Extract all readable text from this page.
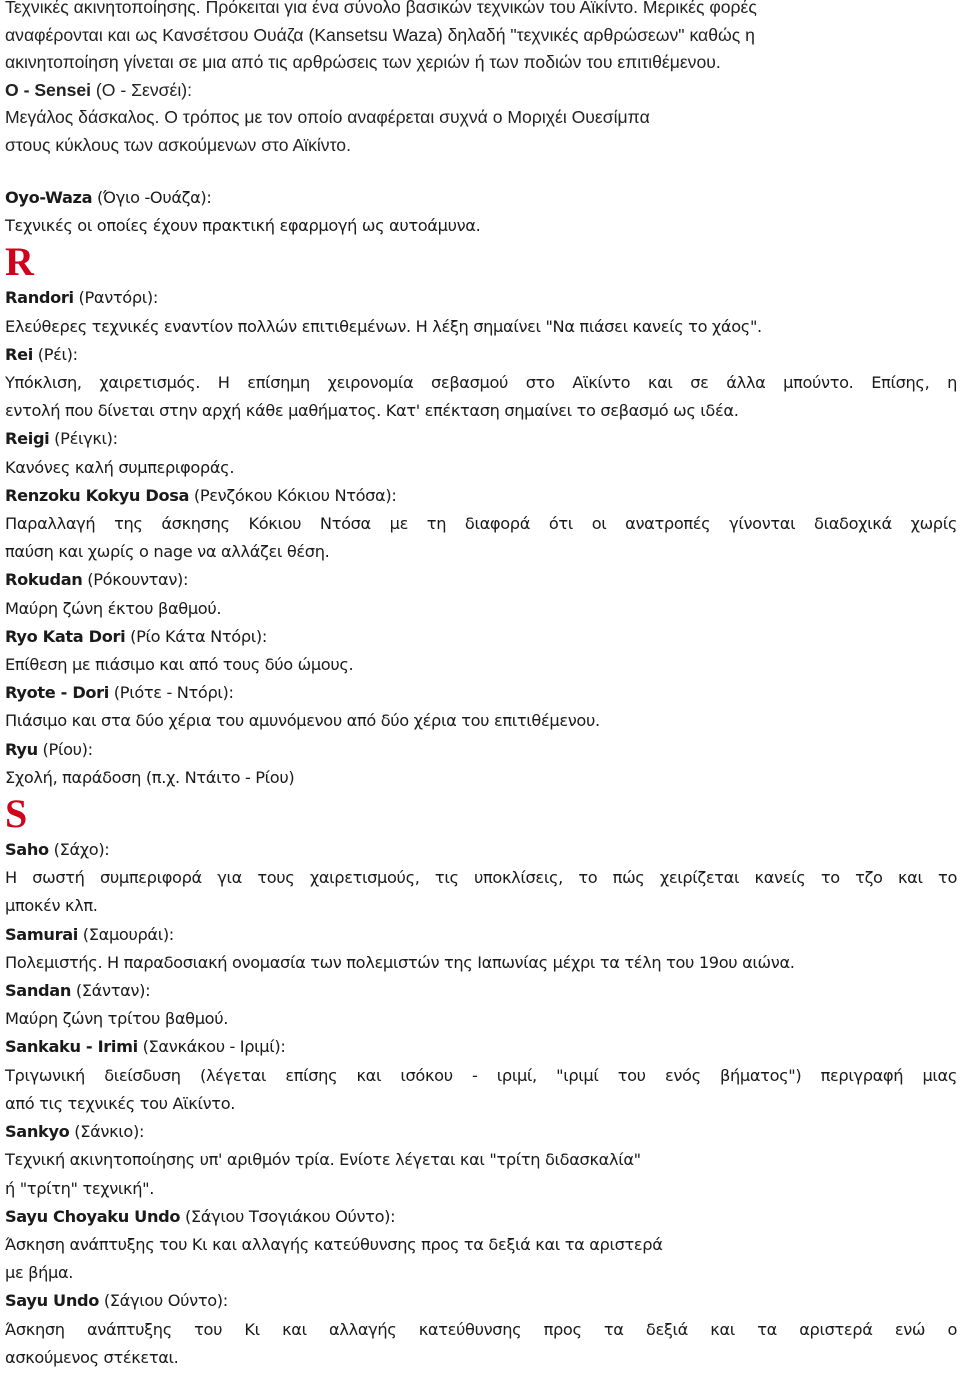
Τεχνικές ακινητοποίησης. Πρόκειται για ένα σύνολο βασικών τεχνικών του Αϊκίντο. Μερικές φορές
αναφέρονται και ως Κανσέτσου Ουάζα (Kansetsu Waza) δηλαδή "τεχνικές αρθρώσεων" καθώς η
ακινητοποίηση γίνεται σε μια από τις αρθρώσεις των χεριών ή των ποδιών του επιτιθέμενου.
O - Sensei (Ο - Σενσέι):
Μεγάλος δάσκαλος. Ο τρόπος με τον οποίο αναφέρεται συχνά ο Μοριχέι Ουεσίμπα
στους κύκλους των ασκούμενων στο Αϊκίντο.
Oyo-Waza (Όγιο -Ουάζα):
Τεχνικές οι οποίες έχουν πρακτική εφαρμογή ως αυτοάμυνα.
R
Randori (Ραντόρι):
Ελεύθερες τεχνικές εναντίον πολλών επιτιθεμένων. Η λέξη σημαίνει "Να πιάσει κανείς το χάος".
Rei (Ρέι):
Υπόκλιση, χαιρετισμός. Η επίσημη χειρονομία σεβασμού στο Αϊκίντο και σε άλλα μπούντο. Επίσης, η
εντολή που δίνεται στην αρχή κάθε μαθήματος. Κατ' επέκταση σημαίνει το σεβασμό ως ιδέα.
Reigi (Ρέιγκι):
Κανόνες καλή συμπεριφοράς.
Renzoku Kokyu Dosa (Ρενζόκου Κόκιου Ντόσα):
Παραλλαγή της άσκησης Κόκιου Ντόσα με τη διαφορά ότι οι ανατροπές γίνονται διαδοχικά χωρίς
παύση και χωρίς ο nage να αλλάζει θέση.
Rokudan (Ρόκουνταν):
Μαύρη ζώνη έκτου βαθμού.
Ryo Kata Dori (Ρίο Κάτα Ντόρι):
Επίθεση με πιάσιμο και από τους δύο ώμους.
Ryote - Dori (Ριότε - Ντόρι):
Πιάσιμο και στα δύο χέρια του αμυνόμενου από δύο χέρια του επιτιθέμενου.
Ryu (Ρίου):
Σχολή, παράδοση (π.χ. Ντάιτο - Ρίου)
S
Saho (Σάχο):
Η σωστή συμπεριφορά για τους χαιρετισμούς, τις υποκλίσεις, το πώς χειρίζεται κανείς το τζο και το
μποκέν κλπ.
Samurai (Σαμουράι):
Πολεμιστής. Η παραδοσιακή ονομασία των πολεμιστών της Ιαπωνίας μέχρι τα τέλη του 19ου αιώνα.
Sandan (Σάνταν):
Μαύρη ζώνη τρίτου βαθμού.
Sankaku - Irimi (Σανκάκου - Ιριμί):
Τριγωνική διείσδυση (λέγεται επίσης και ισόκου - ιριμί, "ιριμί του ενός βήματος") περιγραφή μιας
από τις τεχνικές του Αϊκίντο.
Sankyo (Σάνκιο):
Τεχνική ακινητοποίησης υπ' αριθμόν τρία. Ενίοτε λέγεται και "τρίτη διδασκαλία"
ή "τρίτη" τεχνική".
Sayu Choyaku Undo (Σάγιου Τσογιάκου Ούντο):
Άσκηση ανάπτυξης του Κι και αλλαγής κατεύθυνσης προς τα δεξιά και τα αριστερά
με βήμα.
Sayu Undo (Σάγιου Ούντο):
Άσκηση ανάπτυξης του Κι και αλλαγής κατεύθυνσης προς τα δεξιά και τα αριστερά ενώ ο
ασκούμενος στέκεται.
